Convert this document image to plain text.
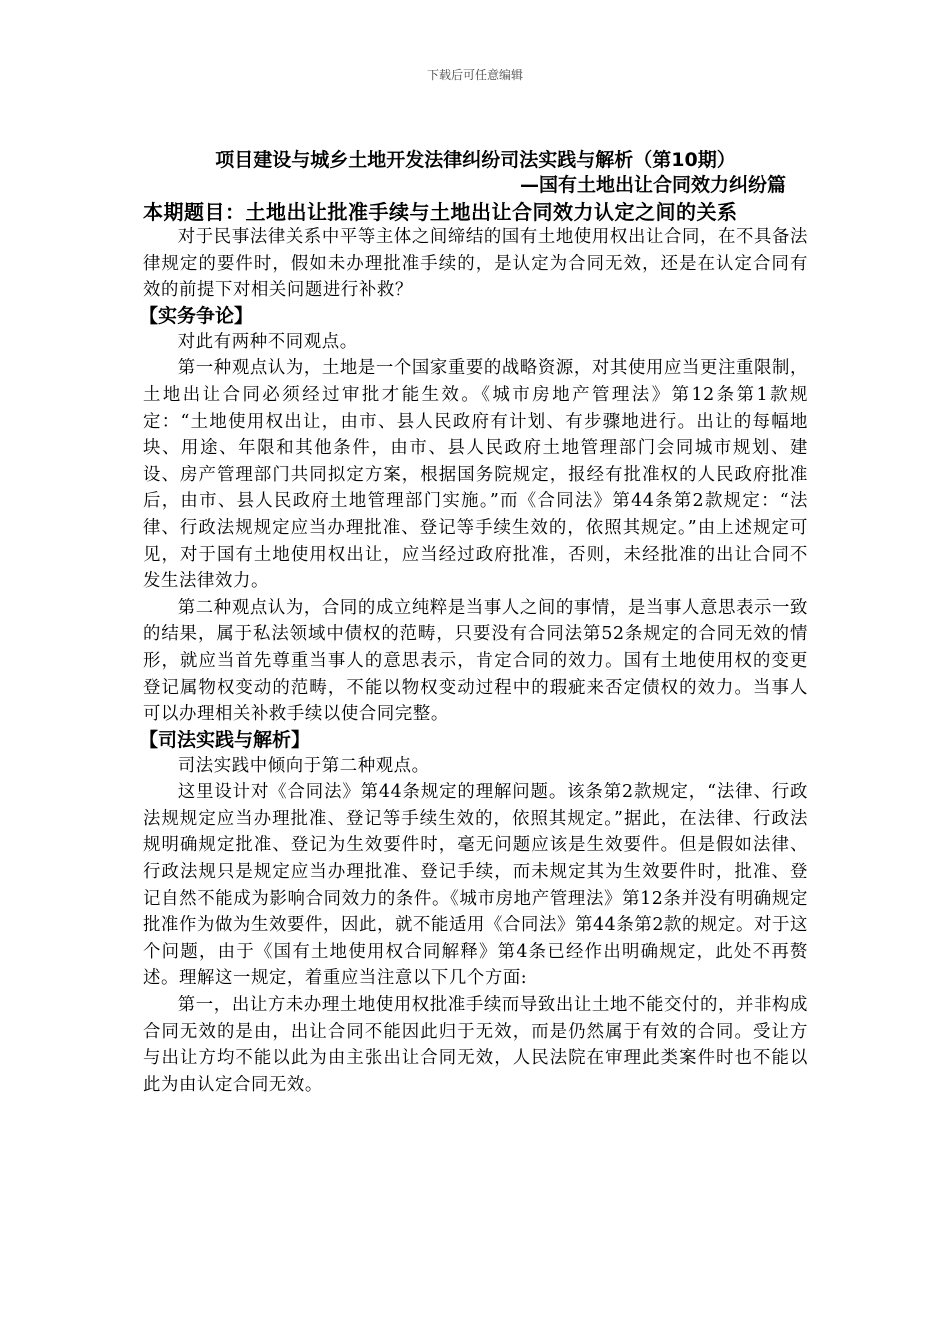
下载后可任意编辑
项目建设与城乡土地开发法律纠纷司法实践与解析（第10期）
—国有土地出让合同效力纠纷篇
本期题目：土地出让批准手续与土地出让合同效力认定之间的关系

对于民事法律关系中平等主体之间缔结的国有土地使用权出让合同，在不具备法律规定的要件时，假如未办理批准手续的，是认定为合同无效，还是在认定合同有效的前提下对相关问题进行补救？

【实务争论】

对此有两种不同观点。

第一种观点认为，土地是一个国家重要的战略资源，对其使用应当更注重限制，土地出让合同必须经过审批才能生效。《城市房地产管理法》第12条第1款规定：“土地使用权出让，由市、县人民政府有计划、有步骤地进行。出让的每幅地块、用途、年限和其他条件，由市、县人民政府土地管理部门会同城市规划、建设、房产管理部门共同拟定方案，根据国务院规定，报经有批准权的人民政府批准后，由市、县人民政府土地管理部门实施。”而《合同法》第44条第2款规定：“法律、行政法规规定应当办理批准、登记等手续生效的，依照其规定。”由上述规定可见，对于国有土地使用权出让，应当经过政府批准，否则，未经批准的出让合同不发生法律效力。

第二种观点认为，合同的成立纯粹是当事人之间的事情，是当事人意思表示一致的结果，属于私法领域中债权的范畴，只要没有合同法第52条规定的合同无效的情形，就应当首先尊重当事人的意思表示，肯定合同的效力。国有土地使用权的变更登记属物权变动的范畴，不能以物权变动过程中的瑕疵来否定债权的效力。当事人可以办理相关补救手续以使合同完整。

【司法实践与解析】

司法实践中倾向于第二种观点。

这里设计对《合同法》第44条规定的理解问题。该条第2款规定，“法律、行政法规规定应当办理批准、登记等手续生效的，依照其规定。”据此，在法律、行政法规明确规定批准、登记为生效要件时，毫无问题应该是生效要件。但是假如法律、行政法规只是规定应当办理批准、登记手续，而未规定其为生效要件时，批准、登记自然不能成为影响合同效力的条件。《城市房地产管理法》第12条并没有明确规定批准作为做为生效要件，因此，就不能适用《合同法》第44条第2款的规定。对于这个问题，由于《国有土地使用权合同解释》第4条已经作出明确规定，此处不再赘述。理解这一规定，着重应当注意以下几个方面:

第一，出让方未办理土地使用权批准手续而导致出让土地不能交付的，并非构成合同无效的是由，出让合同不能因此归于无效，而是仍然属于有效的合同。受让方与出让方均不能以此为由主张出让合同无效，人民法院在审理此类案件时也不能以此为由认定合同无效。
